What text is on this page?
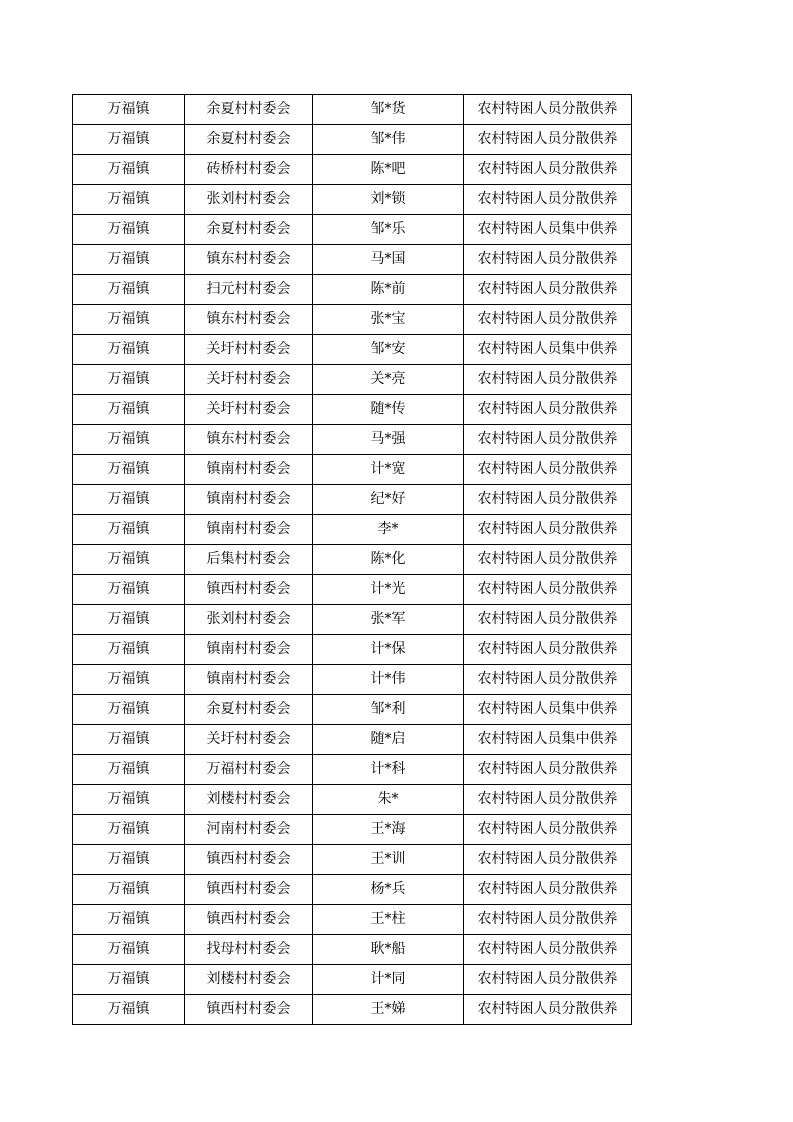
万福镇	余夏村村委会	邹*货	农村特困人员分散供养
万福镇	余夏村村委会	邹*伟	农村特困人员分散供养
万福镇	砖桥村村委会	陈*吧	农村特困人员分散供养
万福镇	张刘村村委会	刘*锁	农村特困人员分散供养
万福镇	余夏村村委会	邹*乐	农村特困人员集中供养
万福镇	镇东村村委会	马*国	农村特困人员分散供养
万福镇	扫元村村委会	陈*前	农村特困人员分散供养
万福镇	镇东村村委会	张*宝	农村特困人员分散供养
万福镇	关圩村村委会	邹*安	农村特困人员集中供养
万福镇	关圩村村委会	关*亮	农村特困人员分散供养
万福镇	关圩村村委会	随*传	农村特困人员分散供养
万福镇	镇东村村委会	马*强	农村特困人员分散供养
万福镇	镇南村村委会	计*宽	农村特困人员分散供养
万福镇	镇南村村委会	纪*好	农村特困人员分散供养
万福镇	镇南村村委会	李*	农村特困人员分散供养
万福镇	后集村村委会	陈*化	农村特困人员分散供养
万福镇	镇西村村委会	计*光	农村特困人员分散供养
万福镇	张刘村村委会	张*军	农村特困人员分散供养
万福镇	镇南村村委会	计*保	农村特困人员分散供养
万福镇	镇南村村委会	计*伟	农村特困人员分散供养
万福镇	余夏村村委会	邹*利	农村特困人员集中供养
万福镇	关圩村村委会	随*启	农村特困人员集中供养
万福镇	万福村村委会	计*科	农村特困人员分散供养
万福镇	刘楼村村委会	朱*	农村特困人员分散供养
万福镇	河南村村委会	王*海	农村特困人员分散供养
万福镇	镇西村村委会	王*训	农村特困人员分散供养
万福镇	镇西村村委会	杨*兵	农村特困人员分散供养
万福镇	镇西村村委会	王*柱	农村特困人员分散供养
万福镇	找母村村委会	耿*船	农村特困人员分散供养
万福镇	刘楼村村委会	计*同	农村特困人员分散供养
万福镇	镇西村村委会	王*娣	农村特困人员分散供养
